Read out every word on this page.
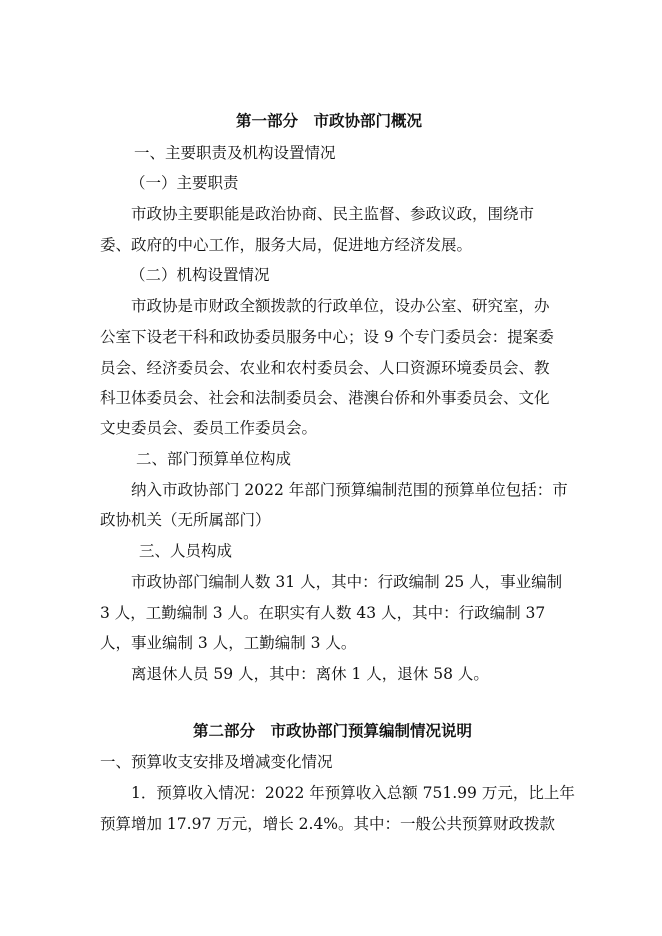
第一部分　市政协部门概况
一、主要职责及机构设置情况
（一）主要职责
市政协主要职能是政治协商、民主监督、参政议政，围绕市
委、政府的中心工作，服务大局，促进地方经济发展。
（二）机构设置情况
市政协是市财政全额拨款的行政单位，设办公室、研究室，办
公室下设老干科和政协委员服务中心；设 9 个专门委员会：提案委
员会、经济委员会、农业和农村委员会、人口资源环境委员会、教
科卫体委员会、社会和法制委员会、港澳台侨和外事委员会、文化
文史委员会、委员工作委员会。
二、部门预算单位构成
纳入市政协部门 2022 年部门预算编制范围的预算单位包括：市
政协机关（无所属部门）
三、人员构成
市政协部门编制人数 31 人，其中：行政编制 25 人，事业编制
3 人，工勤编制 3 人。在职实有人数 43 人，其中：行政编制 37
人，事业编制 3 人，工勤编制 3 人。
离退休人员 59 人，其中：离休 1 人，退休 58 人。
第二部分　市政协部门预算编制情况说明
一、预算收支安排及增减变化情况
1．预算收入情况：2022 年预算收入总额 751.99 万元，比上年
预算增加 17.97 万元，增长 2.4%。其中：一般公共预算财政拨款
